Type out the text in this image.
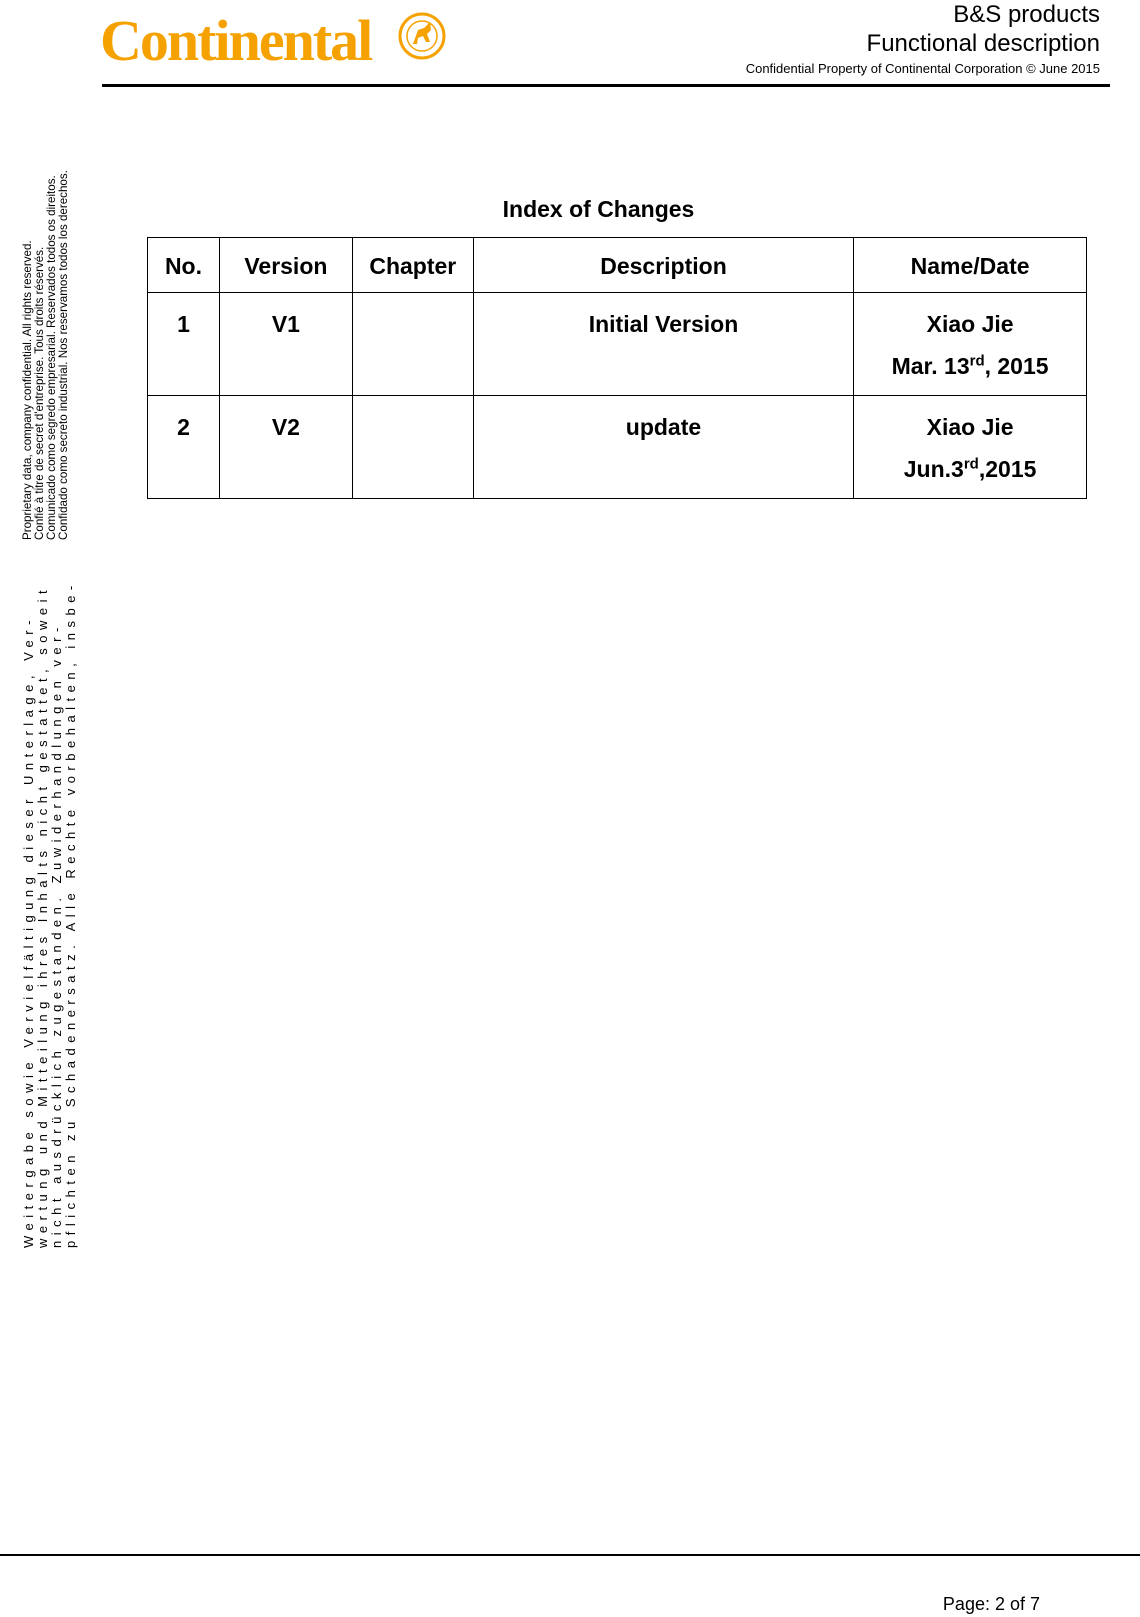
Continental	B&S products
Functional description
Confidential Property of Continental Corporation © June 2015
Proprietary data, company confidential. All rights reserved. Confié à titre de secret d'entreprise. Tous droits réservés. Comunicado como segredo empresarial. Reservados todos os direitos. Confidado como secreto industrial. Nos reservamos todos los derechos.
Weitergabe sowie Vervielfältigung dieser Unterlage, Ver- wertung und Mitteilung ihres Inhalts nicht gestattet, soweit nicht ausdrücklich zugestanden. Zuwiderhandlungen ver- pflichten zu Schadenersatz. Alle Rechte vorbehalten, insbe-
Index of Changes
No.	Version	Chapter	Description	Name/Date
1	V1		Initial Version	Xiao Jie
Mar. 13rd, 2015

2	V2		update	Xiao Jie
Jun.3rd,2015
Page: 2 of 7
